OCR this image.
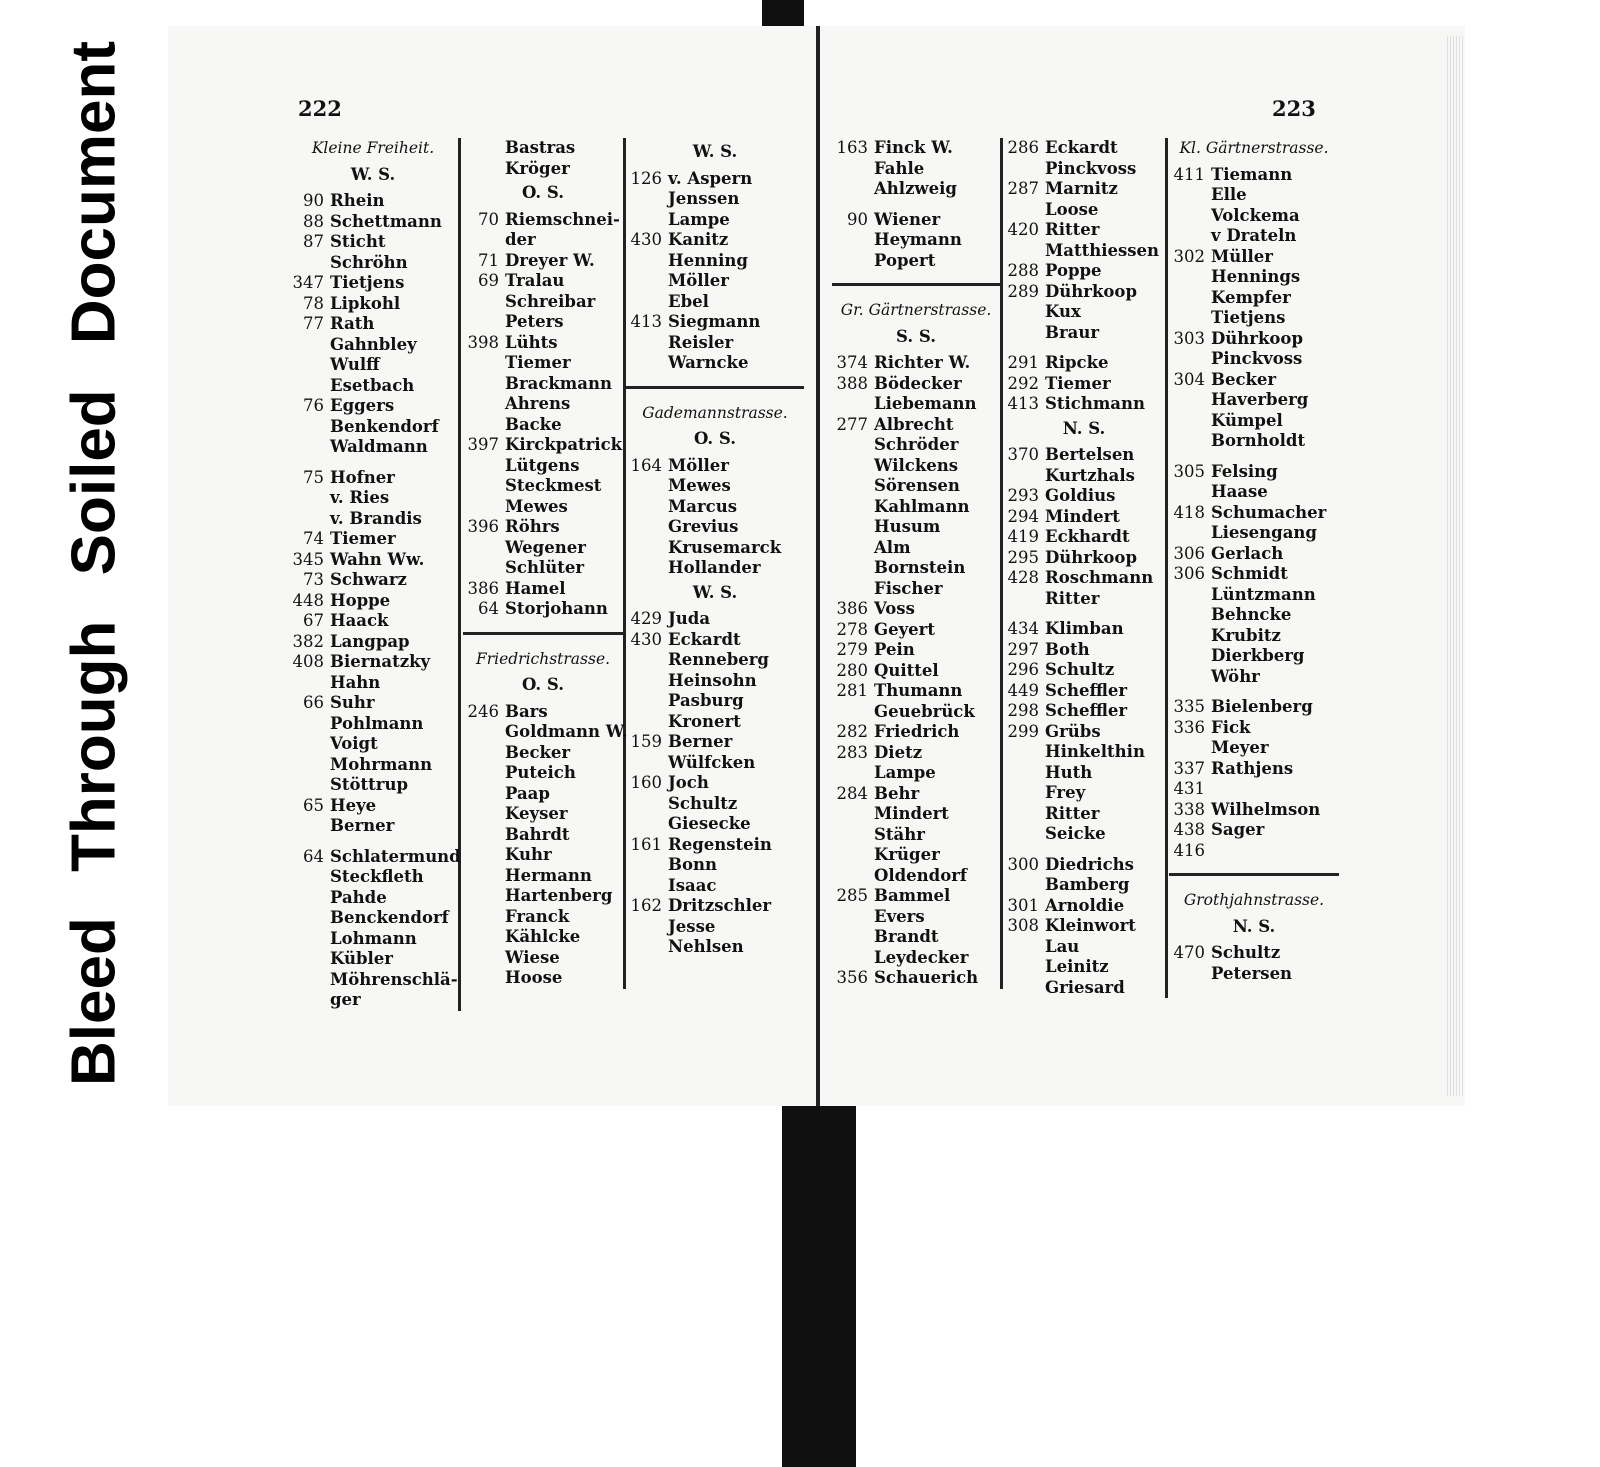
222
Kleine Freiheit.
W. S.
90 Rhein
88 Schettmann
87 Sticht
Schröhn
347 Tietjens
78 Lipkohl
77 Rath
Gahnbley
Wulff
Esetbach
76 Eggers
Benkendorf
Waldmann
75 Hofner
v. Ries
v. Brandis
74 Tiemer
345 Wahn Ww.
73 Schwarz
448 Hoppe
67 Haack
382 Langpap
408 Biernatzky
Hahn
66 Suhr
Pohlmann
Voigt
Mohrmann
Stöttrup
65 Heye
Berner
64 Schlatermund
Steckfleth
Pahde
Benckendorf
Lohmann
Kübler
Möhrenschlä-
ger
Bastras
Kröger
O. S.
70 Riemschnei-
der
71 Dreyer W.
69 Tralau
Schreibar
Peters
398 Lühts
Tiemer
Brackmann
Ahrens
Backe
397 Kirckpatrick
Lütgens
Steckmest
Mewes
396 Röhrs
Wegener
Schlüter
386 Hamel
64 Storjohann
Friedrichstrasse.
O. S.
246 Bars
Goldmann W.
Becker
Puteich
Paap
Keyser
Bahrdt
Kuhr
Hermann
Hartenberg
Franck
Kählcke
Wiese
Hoose
W. S.
126 v. Aspern
Jenssen
Lampe
430 Kanitz
Henning
Möller
Ebel
413 Siegmann
Reisler
Warncke
Gademannstrasse.
O. S.
164 Möller
Mewes
Marcus
Grevius
Krusemarck
Hollander
W. S.
429 Juda
430 Eckardt
Renneberg
Heinsohn
Pasburg
Kronert
159 Berner
Wülfcken
160 Joch
Schultz
Giesecke
161 Regenstein
Bonn
Isaac
162 Dritzschler
Jesse
Nehlsen
223
163 Finck W.
Fahle
Ahlzweig
90 Wiener
Heymann
Popert
Gr. Gärtnerstrasse.
S. S.
374 Richter W.
388 Bödecker
Liebemann
277 Albrecht
Schröder
Wilckens
Sörensen
Kahlmann
Husum
Alm
Bornstein
Fischer
386 Voss
278 Geyert
279 Pein
280 Quittel
281 Thumann
Geuebrück
282 Friedrich
283 Dietz
Lampe
284 Behr
Mindert
Stähr
Krüger
Oldendorf
285 Bammel
Evers
Brandt
Leydecker
356 Schauerich
286 Eckardt
Pinckvoss
287 Marnitz
Loose
420 Ritter
Matthiessen
288 Poppe
289 Dührkoop
Kux
Braur
291 Ripcke
292 Tiemer
413 Stichmann
N. S.
370 Bertelsen
Kurtzhals
293 Goldius
294 Mindert
419 Eckhardt
295 Dührkoop
428 Roschmann
Ritter
434 Klimban
297 Both
296 Schultz
449 Scheffler
298 Scheffler
299 Grübs
Hinkelthin
Huth
Frey
Ritter
Seicke
300 Diedrichs
Bamberg
301 Arnoldie
308 Kleinwort
Lau
Leinitz
Griesard
Kl. Gärtnerstrasse.
411 Tiemann
Elle
Volckema
v Drateln
302 Müller
Hennings
Kempfer
Tietjens
303 Dührkoop
Pinckvoss
304 Becker
Haverberg
Kümpel
Bornholdt
305 Felsing
Haase
418 Schumacher
Liesengang
306 Gerlach
306 Schmidt
Lüntzmann
Behncke
Krubitz
Dierkberg
Wöhr
335 Bielenberg
336 Fick
Meyer
337 Rathjens
431
338 Wilhelmson
438 Sager
416
Grothjahnstrasse.
N. S.
470 Schultz
Petersen
Bleed Through Soiled Document
